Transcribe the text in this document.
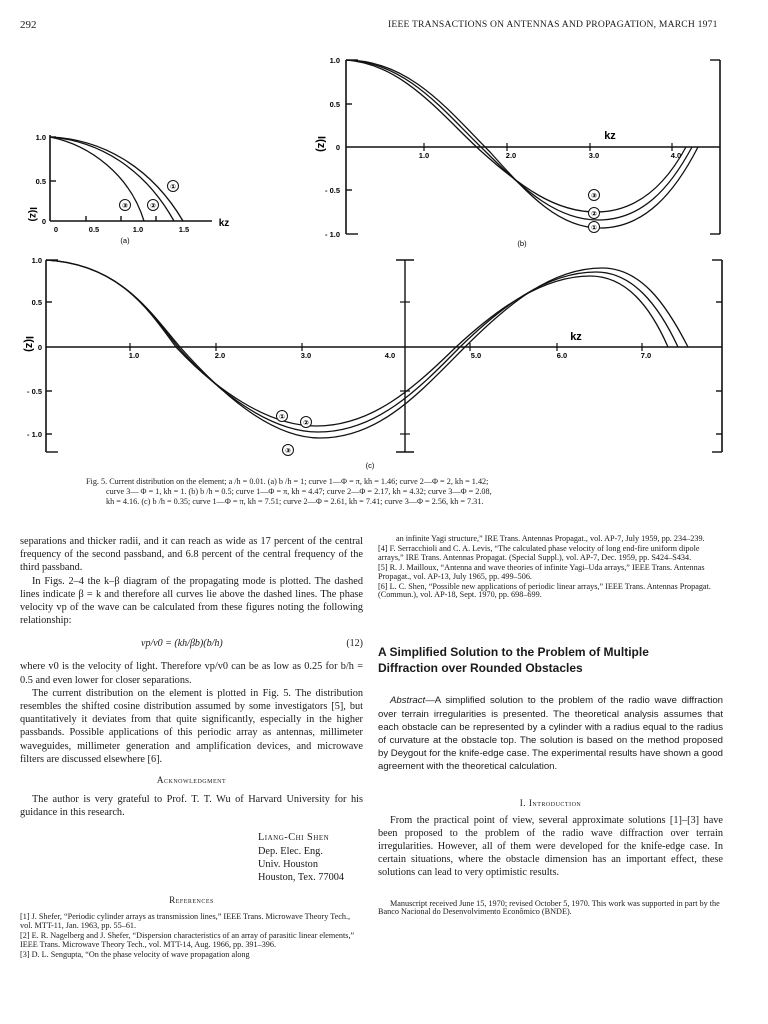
292	IEEE TRANSACTIONS ON ANTENNAS AND PROPAGATION, MARCH 1971
1.0
0.5
0
0	0.5	1.0	1.5
kz
I(z)
①
②
③
(a)
1.0
0.5
0
- 0.5
- 1.0
1.0	2.0	3.0	4.0
kz
I(z)
③
②
①
(b)
1.0
0.5
0
- 0.5
- 1.0
1.0	2.0	3.0	4.0	5.0	6.0	7.0
kz
I(z)
①
②
③
(c)
Fig. 5. Current distribution on the element; a /h = 0.01. (a) b /h = 1; curve 1—Φ = π, kh = 1.46; curve 2—Φ = 2, kh = 1.42;
curve 3— Φ = 1, kh = 1. (b) b /h = 0.5; curve 1—Φ = π, kh = 4.47; curve 2—Φ = 2.17, kh = 4.32; curve 3—Φ = 2.08,
kh = 4.16. (c) b /h = 0.35; curve 1—Φ = π, kh = 7.51; curve 2—Φ = 2.61, kh = 7.41; curve 3—Φ = 2.56, kh = 7.31.

separations and thicker radii, and it can reach as wide as 17 percent of the central frequency of the second passband, and 6.8 percent of the central frequency of the third passband.

In Figs. 2–4 the k–β diagram of the propagating mode is plotted. The dashed lines indicate β = k and therefore all curves lie above the dashed lines. The phase velocity vp of the wave can be calculated from these figures noting the following relationship:

vp/v0 = (kh/βb)(b/h)	(12)

where v0 is the velocity of light. Therefore vp/v0 can be as low as 0.25 for b/h = 0.5 and even lower for closer separations.

The current distribution on the element is plotted in Fig. 5. The distribution resembles the shifted cosine distribution assumed by some investigators [5], but quantitatively it deviates from that quite significantly, especially in the higher passbands. Possible applications of this periodic array as antennas, millimeter waveguides, millimeter generation and amplification devices, and microwave filters are discussed elsewhere [6].

Acknowledgment

The author is very grateful to Prof. T. T. Wu of Harvard University for his guidance in this research.

Liang-Chi Shen
Dep. Elec. Eng.
Univ. Houston
Houston, Tex. 77004
References
[1] J. Shefer, “Periodic cylinder arrays as transmission lines,” IEEE Trans. Microwave Theory Tech., vol. MTT-11, Jan. 1963, pp. 55–61.
[2] E. R. Nagelberg and J. Shefer, “Dispersion characteristics of an array of parasitic linear elements,” IEEE Trans. Microwave Theory Tech., vol. MTT-14, Aug. 1966, pp. 391–396.
[3] D. L. Sengupta, “On the phase velocity of wave propagation along
an infinite Yagi structure,” IRE Trans. Antennas Propagat., vol. AP-7, July 1959, pp. 234–239.
[4] F. Serracchioli and C. A. Levis, “The calculated phase velocity of long end-fire uniform dipole arrays,” IRE Trans. Antennas Propagat. (Special Suppl.), vol. AP-7, Dec. 1959, pp. S424–S434.
[5] R. J. Mailloux, “Antenna and wave theories of infinite Yagi–Uda arrays,” IEEE Trans. Antennas Propagat., vol. AP-13, July 1965, pp. 499–506.
[6] L. C. Shen, “Possible new applications of periodic linear arrays,” IEEE Trans. Antennas Propagat. (Commun.), vol. AP-18, Sept. 1970, pp. 698–699.
A Simplified Solution to the Problem of Multiple Diffraction over Rounded Obstacles

Abstract—A simplified solution to the problem of the radio wave diffraction over terrain irregularities is presented. The theoretical analysis assumes that each obstacle can be represented by a cylinder with a radius equal to the radius of curvature at the obstacle top. The solution is based on the method proposed by Deygout for the knife-edge case. The experimental results have shown a good agreement with the theoretical calculation.

I. Introduction

From the practical point of view, several approximate solutions [1]–[3] have been proposed to the problem of the radio wave diffraction over terrain irregularities. However, all of them were developed for the knife-edge case. In certain situations, where the obstacle dimension has an important effect, these solutions can lead to very optimistic results.

Manuscript received June 15, 1970; revised October 5, 1970. This work was supported in part by the Banco Nacional do Desenvolvimento Econômico (BNDE).
